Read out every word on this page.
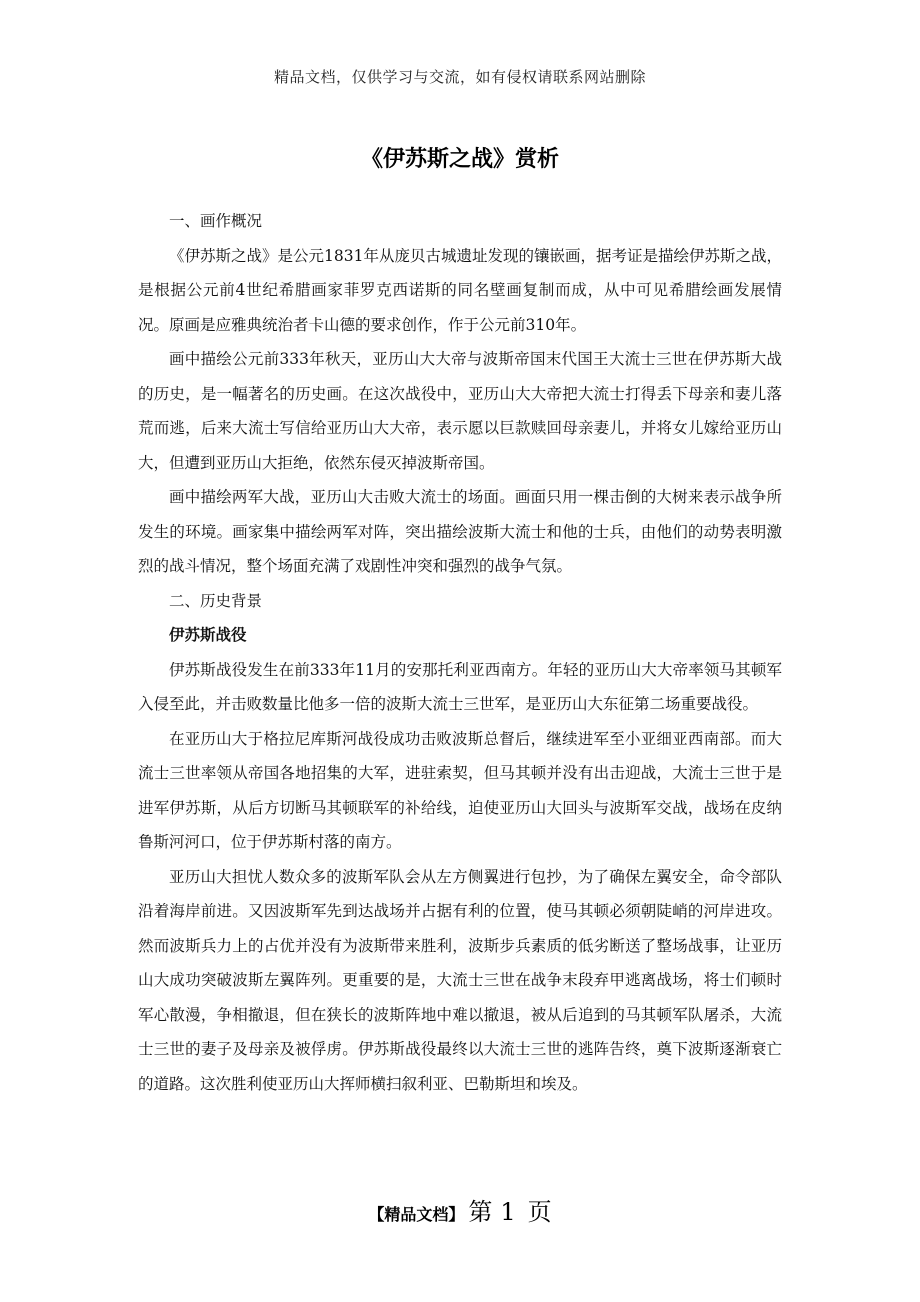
精品文档，仅供学习与交流，如有侵权请联系网站删除
《伊苏斯之战》赏析

一、画作概况

《伊苏斯之战》是公元1831年从庞贝古城遗址发现的镶嵌画，据考证是描绘伊苏斯之战，是根据公元前4世纪希腊画家菲罗克西诺斯的同名壁画复制而成，从中可见希腊绘画发展情况。原画是应雅典统治者卡山德的要求创作，作于公元前310年。

画中描绘公元前333年秋天，亚历山大大帝与波斯帝国末代国王大流士三世在伊苏斯大战的历史，是一幅著名的历史画。在这次战役中，亚历山大大帝把大流士打得丢下母亲和妻儿落荒而逃，后来大流士写信给亚历山大大帝，表示愿以巨款赎回母亲妻儿，并将女儿嫁给亚历山大，但遭到亚历山大拒绝，依然东侵灭掉波斯帝国。

画中描绘两军大战，亚历山大击败大流士的场面。画面只用一棵击倒的大树来表示战争所发生的环境。画家集中描绘两军对阵，突出描绘波斯大流士和他的士兵，由他们的动势表明激烈的战斗情况，整个场面充满了戏剧性冲突和强烈的战争气氛。

二、历史背景

伊苏斯战役

伊苏斯战役发生在前333年11月的安那托利亚西南方。年轻的亚历山大大帝率领马其顿军入侵至此，并击败数量比他多一倍的波斯大流士三世军，是亚历山大东征第二场重要战役。

在亚历山大于格拉尼库斯河战役成功击败波斯总督后，继续进军至小亚细亚西南部。而大流士三世率领从帝国各地招集的大军，进驻索契，但马其顿并没有出击迎战，大流士三世于是进军伊苏斯，从后方切断马其顿联军的补给线，迫使亚历山大回头与波斯军交战，战场在皮纳鲁斯河河口，位于伊苏斯村落的南方。

亚历山大担忧人数众多的波斯军队会从左方侧翼进行包抄，为了确保左翼安全，命令部队沿着海岸前进。又因波斯军先到达战场并占据有利的位置，使马其顿必须朝陡峭的河岸进攻。然而波斯兵力上的占优并没有为波斯带来胜利，波斯步兵素质的低劣断送了整场战事，让亚历山大成功突破波斯左翼阵列。更重要的是，大流士三世在战争末段弃甲逃离战场，将士们顿时军心散漫，争相撤退，但在狭长的波斯阵地中难以撤退，被从后追到的马其顿军队屠杀，大流士三世的妻子及母亲及被俘虏。伊苏斯战役最终以大流士三世的逃阵告终，奠下波斯逐渐衰亡的道路。这次胜利使亚历山大挥师横扫叙利亚、巴勒斯坦和埃及。

【精品文档】 第 1 页
